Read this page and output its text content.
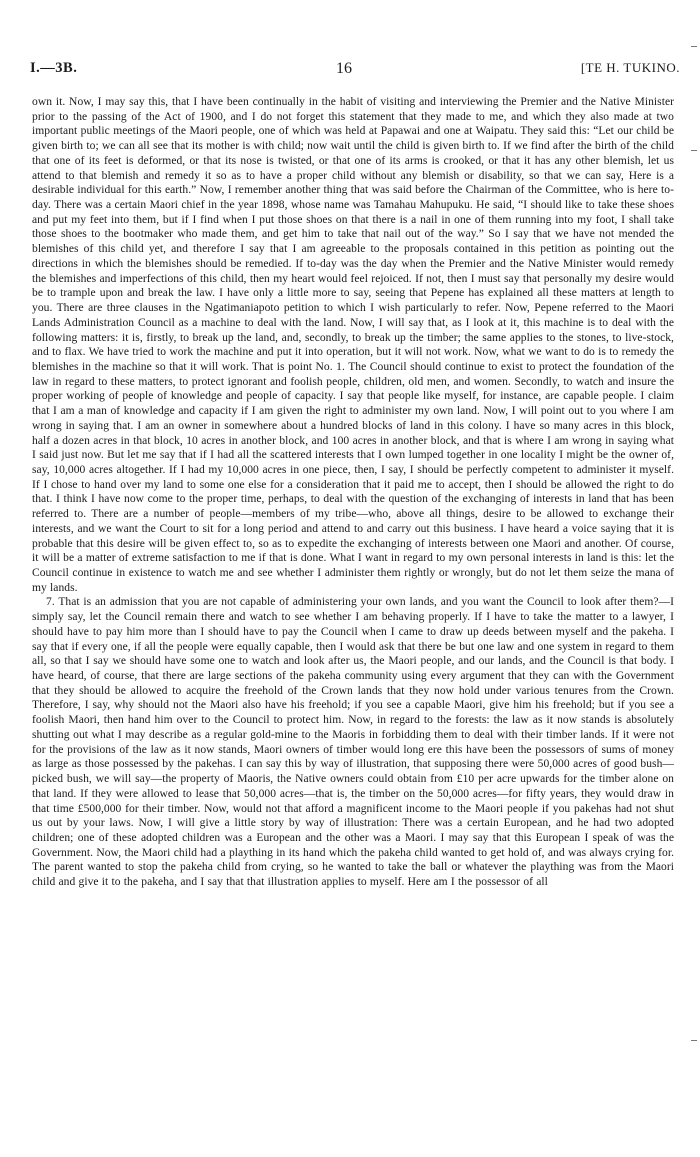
I.—3B.	16	[TE H. TUKINO.

own it. Now, I may say this, that I have been continually in the habit of visiting and interviewing the Premier and the Native Minister prior to the passing of the Act of 1900, and I do not forget this statement that they made to me, and which they also made at two important public meetings of the Maori people, one of which was held at Papawai and one at Waipatu. They said this: “Let our child be given birth to; we can all see that its mother is with child; now wait until the child is given birth to. If we find after the birth of the child that one of its feet is deformed, or that its nose is twisted, or that one of its arms is crooked, or that it has any other blemish, let us attend to that blemish and remedy it so as to have a proper child without any blemish or disability, so that we can say, Here is a desirable individual for this earth.” Now, I remember another thing that was said before the Chairman of the Committee, who is here to-day. There was a certain Maori chief in the year 1898, whose name was Tamahau Mahupuku. He said, “I should like to take these shoes and put my feet into them, but if I find when I put those shoes on that there is a nail in one of them running into my foot, I shall take those shoes to the bootmaker who made them, and get him to take that nail out of the way.” So I say that we have not mended the blemishes of this child yet, and therefore I say that I am agreeable to the proposals contained in this petition as pointing out the directions in which the blemishes should be remedied. If to-day was the day when the Premier and the Native Minister would remedy the blemishes and imperfections of this child, then my heart would feel rejoiced. If not, then I must say that personally my desire would be to trample upon and break the law. I have only a little more to say, seeing that Pepene has explained all these matters at length to you. There are three clauses in the Ngatimaniapoto petition to which I wish particularly to refer. Now, Pepene referred to the Maori Lands Administration Council as a machine to deal with the land. Now, I will say that, as I look at it, this machine is to deal with the following matters: it is, firstly, to break up the land, and, secondly, to break up the timber; the same applies to the stones, to live-stock, and to flax. We have tried to work the machine and put it into operation, but it will not work. Now, what we want to do is to remedy the blemishes in the machine so that it will work. That is point No. 1. The Council should continue to exist to protect the foundation of the law in regard to these matters, to protect ignorant and foolish people, children, old men, and women. Secondly, to watch and insure the proper working of people of knowledge and people of capacity. I say that people like myself, for instance, are capable people. I claim that I am a man of knowledge and capacity if I am given the right to administer my own land. Now, I will point out to you where I am wrong in saying that. I am an owner in somewhere about a hundred blocks of land in this colony. I have so many acres in this block, half a dozen acres in that block, 10 acres in another block, and 100 acres in another block, and that is where I am wrong in saying what I said just now. But let me say that if I had all the scattered interests that I own lumped together in one locality I might be the owner of, say, 10,000 acres altogether. If I had my 10,000 acres in one piece, then, I say, I should be perfectly competent to administer it myself. If I chose to hand over my land to some one else for a consideration that it paid me to accept, then I should be allowed the right to do that. I think I have now come to the proper time, perhaps, to deal with the question of the exchanging of interests in land that has been referred to. There are a number of people—members of my tribe—who, above all things, desire to be allowed to exchange their interests, and we want the Court to sit for a long period and attend to and carry out this business. I have heard a voice saying that it is probable that this desire will be given effect to, so as to expedite the exchanging of interests between one Maori and another. Of course, it will be a matter of extreme satisfaction to me if that is done. What I want in regard to my own personal interests in land is this: let the Council continue in existence to watch me and see whether I administer them rightly or wrongly, but do not let them seize the mana of my lands.

7. That is an admission that you are not capable of administering your own lands, and you want the Council to look after them?—I simply say, let the Council remain there and watch to see whether I am behaving properly. If I have to take the matter to a lawyer, I should have to pay him more than I should have to pay the Council when I came to draw up deeds between myself and the pakeha. I say that if every one, if all the people were equally capable, then I would ask that there be but one law and one system in regard to them all, so that I say we should have some one to watch and look after us, the Maori people, and our lands, and the Council is that body. I have heard, of course, that there are large sections of the pakeha community using every argument that they can with the Government that they should be allowed to acquire the freehold of the Crown lands that they now hold under various tenures from the Crown. Therefore, I say, why should not the Maori also have his freehold; if you see a capable Maori, give him his freehold; but if you see a foolish Maori, then hand him over to the Council to protect him. Now, in regard to the forests: the law as it now stands is absolutely shutting out what I may describe as a regular gold-mine to the Maoris in forbidding them to deal with their timber lands. If it were not for the provisions of the law as it now stands, Maori owners of timber would long ere this have been the possessors of sums of money as large as those possessed by the pakehas. I can say this by way of illustration, that supposing there were 50,000 acres of good bush—picked bush, we will say—the property of Maoris, the Native owners could obtain from £10 per acre upwards for the timber alone on that land. If they were allowed to lease that 50,000 acres—that is, the timber on the 50,000 acres—for fifty years, they would draw in that time £500,000 for their timber. Now, would not that afford a magnificent income to the Maori people if you pakehas had not shut us out by your laws. Now, I will give a little story by way of illustration: There was a certain European, and he had two adopted children; one of these adopted children was a European and the other was a Maori. I may say that this European I speak of was the Government. Now, the Maori child had a plaything in its hand which the pakeha child wanted to get hold of, and was always crying for. The parent wanted to stop the pakeha child from crying, so he wanted to take the ball or whatever the plaything was from the Maori child and give it to the pakeha, and I say that that illustration applies to myself. Here am I the possessor of all
